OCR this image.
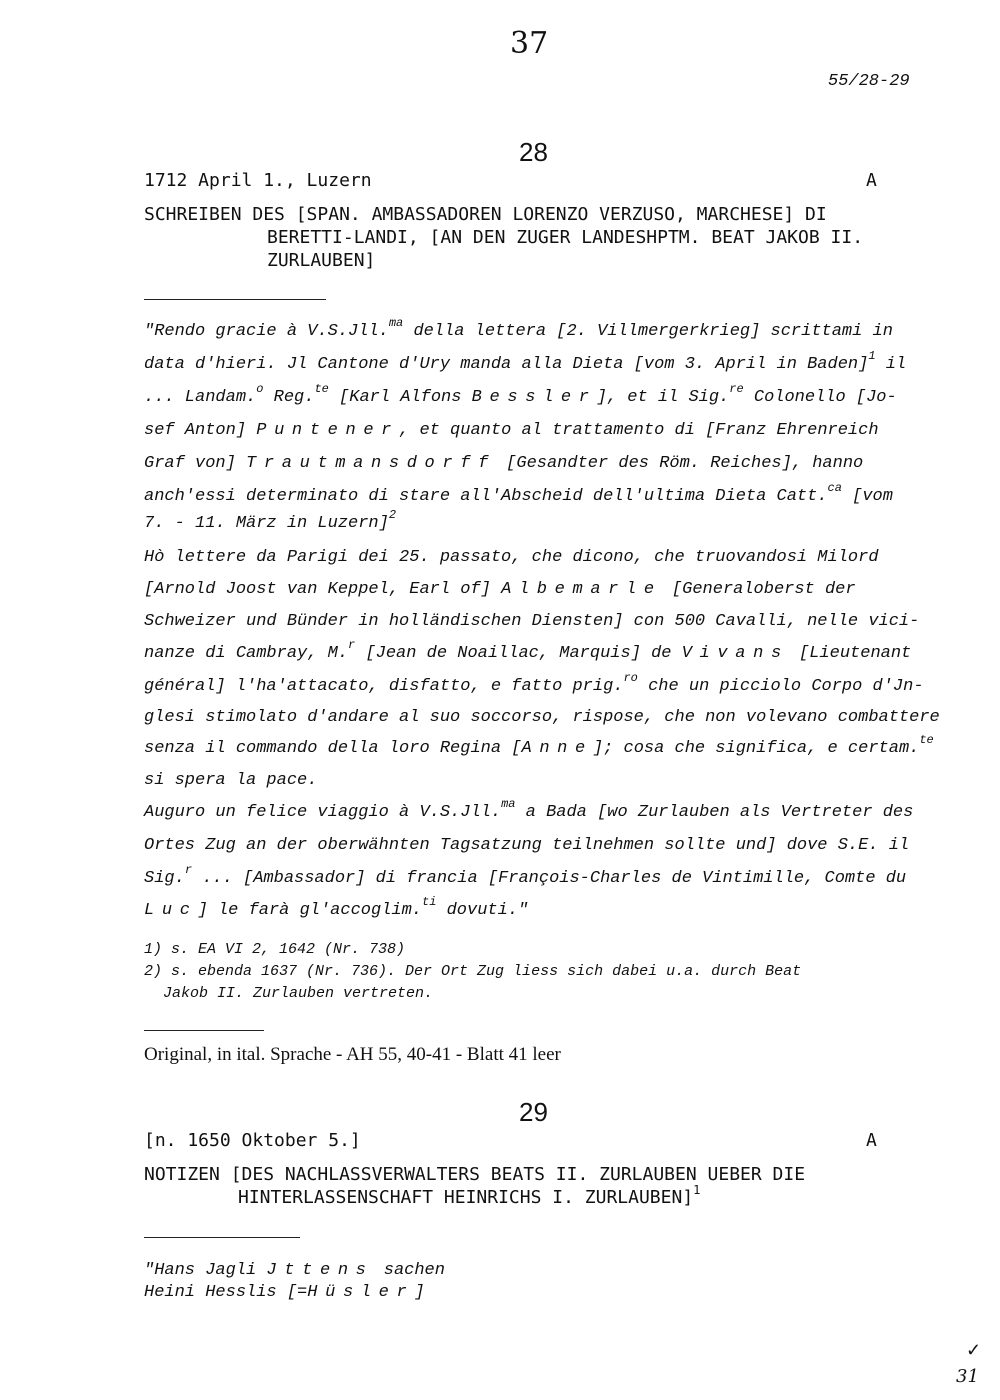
37
55/28-29
28
1712 April 1., Luzern	A
SCHREIBEN DES [SPAN. AMBASSADOREN LORENZO VERZUSO, MARCHESE] DI
BERETTI-LANDI, [AN DEN ZUGER LANDESHPTM. BEAT JAKOB II.
ZURLAUBEN]
"Rendo gracie à V.S.Jll.$^{ma}$ della lettera [2. Villmergerkrieg] scrittami in
data d'hieri. Jl Cantone d'Ury manda alla Dieta [vom 3. April in Baden]$^1$ il
... Landam.$^o$ Reg.$^{te}$ [Karl Alfons Bessler], et il Sig.$^{re}$ Colonello [Jo-
sef Anton] Puntener, et quanto al trattamento di [Franz Ehrenreich
Graf von] Trautmansdorff [Gesandter des Röm. Reiches], hanno
anch'essi determinato di stare all'Abscheid dell'ultima Dieta Catt.$^{ca}$ [vom
7. - 11. März in Luzern]$^2$
Hò lettere da Parigi dei 25. passato, che dicono, che truovandosi Milord
[Arnold Joost van Keppel, Earl of] Albemarle [Generaloberst der
Schweizer und Bünder in holländischen Diensten] con 500 Cavalli, nelle vici-
nanze di Cambray, M.$^r$ [Jean de Noaillac, Marquis] de Vivans [Lieutenant
général] l'ha'attacato, disfatto, e fatto prig.$^{ro}$ che un picciolo Corpo d'Jn-
glesi stimolato d'andare al suo soccorso, rispose, che non volevano combattere
senza il commando della loro Regina [Anne]; cosa che significa, e certam.$^{te}$
si spera la pace.
Auguro un felice viaggio à V.S.Jll.$^{ma}$ a Bada [wo Zurlauben als Vertreter des
Ortes Zug an der oberwähnten Tagsatzung teilnehmen sollte und] dove S.E. il
Sig.$^r$ ... [Ambassador] di francia [François-Charles de Vintimille, Comte du
Luc] le farà gl'accoglim.$^{ti}$ dovuti."
1) s. EA VI 2, 1642 (Nr. 738)
2) s. ebenda 1637 (Nr. 736). Der Ort Zug liess sich dabei u.a. durch Beat
Jakob II. Zurlauben vertreten.
Original, in ital. Sprache - AH 55, 40-41 - Blatt 41 leer
29
[n. 1650 Oktober 5.]	A
NOTIZEN [DES NACHLASSVERWALTERS BEATS II. ZURLAUBEN UEBER DIE
HINTERLASSENSCHAFT HEINRICHS I. ZURLAUBEN]$^1$
"Hans Jagli Jttens sachen
Heini Hesslis [=Hüsler]
✓
31
